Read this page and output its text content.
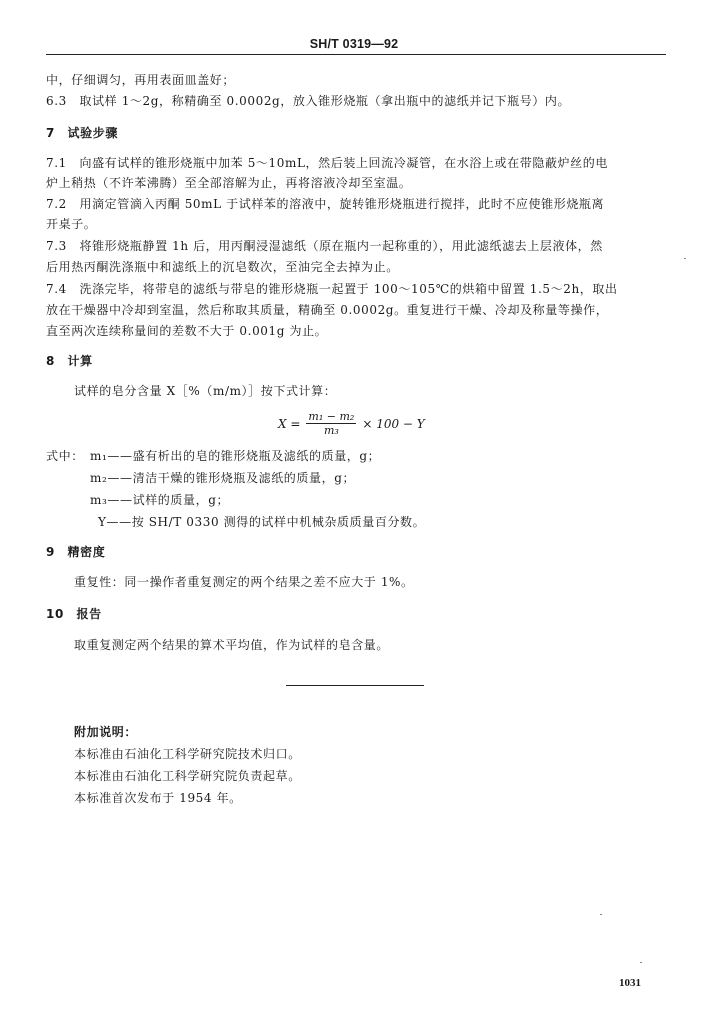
SH/T 0319—92
中，仔细调匀，再用表面皿盖好；
6.3　取试样 1～2g，称精确至 0.0002g，放入锥形烧瓶（拿出瓶中的滤纸并记下瓶号）内。
7　试验步骤
7.1　向盛有试样的锥形烧瓶中加苯 5～10mL，然后装上回流冷凝管，在水浴上或在带隐蔽炉丝的电
炉上稍热（不许苯沸腾）至全部溶解为止，再将溶液冷却至室温。
7.2　用滴定管滴入丙酮 50mL 于试样苯的溶液中，旋转锥形烧瓶进行搅拌，此时不应使锥形烧瓶离
开桌子。
7.3　将锥形烧瓶静置 1h 后，用丙酮浸湿滤纸（原在瓶内一起称重的），用此滤纸滤去上层液体，然
后用热丙酮洗涤瓶中和滤纸上的沉皂数次，至油完全去掉为止。
7.4　洗涤完毕，将带皂的滤纸与带皂的锥形烧瓶一起置于 100～105℃的烘箱中留置 1.5～2h，取出
放在干燥器中冷却到室温，然后称取其质量，精确至 0.0002g。重复进行干燥、冷却及称量等操作，
直至两次连续称量间的差数不大于 0.001g 为止。
8　计算
试样的皂分含量 X［%（m/m）］按下式计算：
$X = \frac{\text{m₁ − m₂}}{\text{m₃}} \times 100 - Y$
式中： m₁——盛有析出的皂的锥形烧瓶及滤纸的质量，g；
m₂——清洁干燥的锥形烧瓶及滤纸的质量，g；
m₃——试样的质量，g；
Y——按 SH/T 0330 测得的试样中机械杂质质量百分数。
9　精密度
重复性：同一操作者重复测定的两个结果之差不应大于 1%。
10　报告
取重复测定两个结果的算术平均值，作为试样的皂含量。
附加说明：
本标准由石油化工科学研究院技术归口。
本标准由石油化工科学研究院负责起草。
本标准首次发布于 1954 年。
1031
